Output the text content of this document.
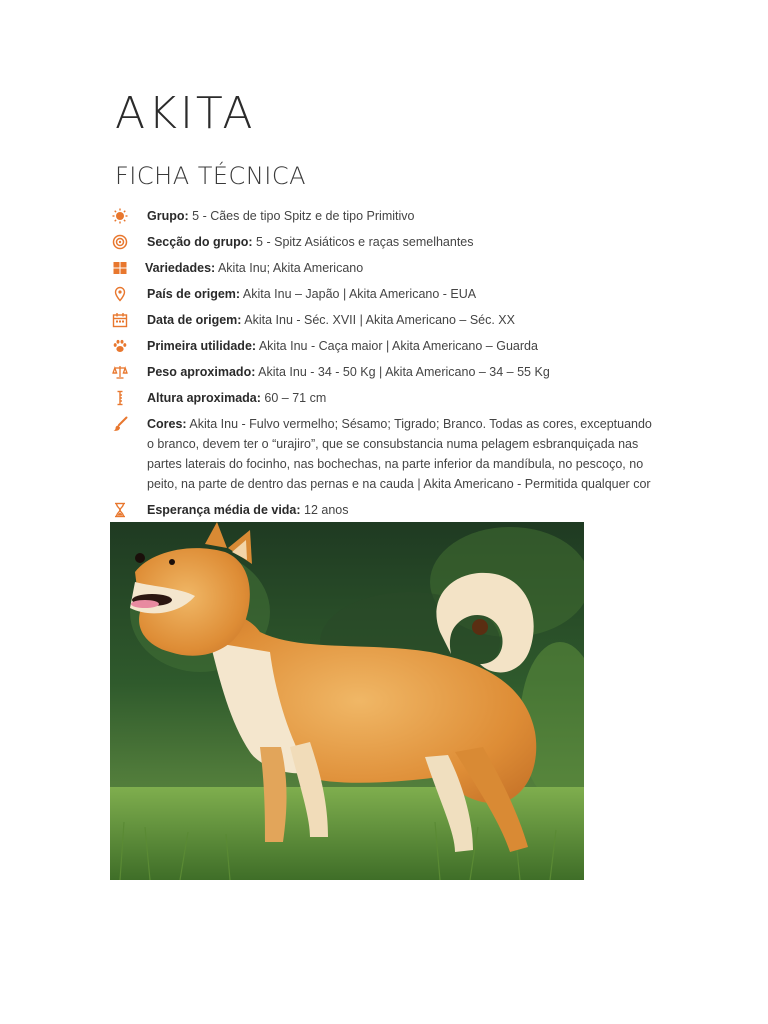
AKITA
FICHA TÉCNICA
Grupo: 5 - Cães de tipo Spitz e de tipo Primitivo
Secção do grupo: 5 - Spitz Asiáticos e raças semelhantes
Variedades: Akita Inu; Akita Americano
País de origem: Akita Inu – Japão | Akita Americano - EUA
Data de origem: Akita Inu - Séc. XVII | Akita Americano – Séc. XX
Primeira utilidade: Akita Inu - Caça maior | Akita Americano – Guarda
Peso aproximado: Akita Inu - 34 - 50 Kg | Akita Americano – 34 – 55 Kg
Altura aproximada: 60 – 71 cm
Cores: Akita Inu - Fulvo vermelho; Sésamo; Tigrado; Branco. Todas as cores, exceptuando o branco, devem ter o “urajiro”, que se consubstancia numa pelagem esbranquiçada nas partes laterais do focinho, nas bochechas, na parte inferior da mandíbula, no pescoço, no peito, na parte de dentro das pernas e na cauda | Akita Americano - Permitida qualquer cor
Esperança média de vida: 12 anos
